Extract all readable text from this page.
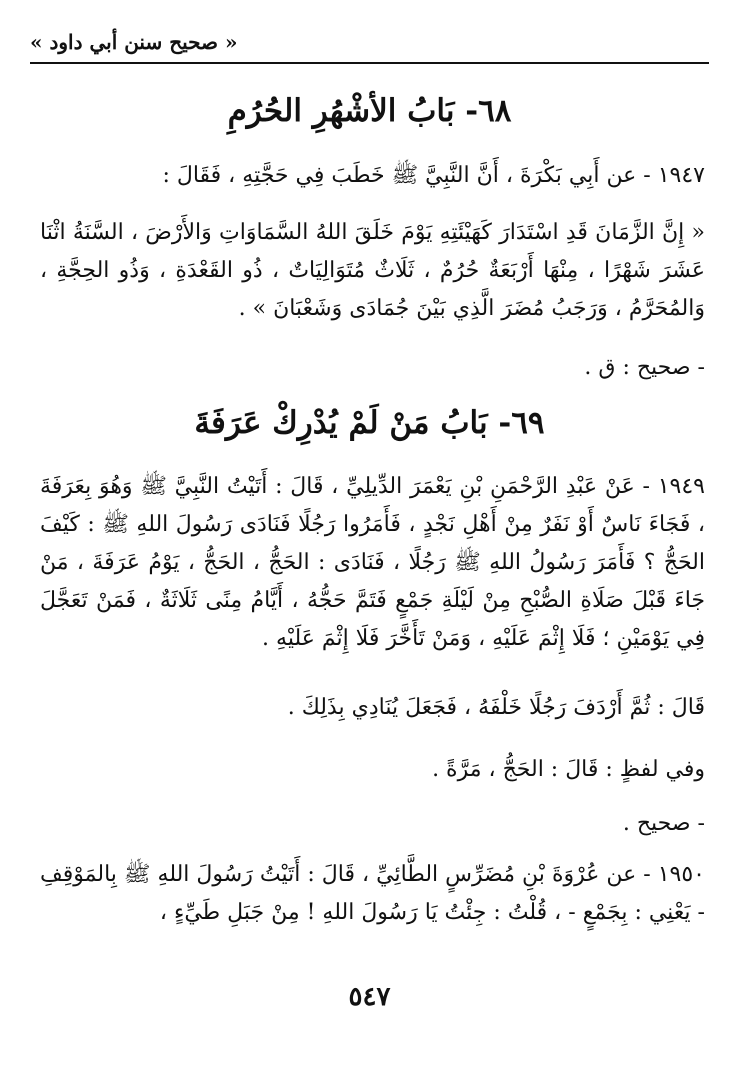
« صحيح سنن أبي داود »
٦٨- بَابُ الأشْهُرِ الحُرُمِ
١٩٤٧ - عن أَبِي بَكْرَةَ ، أَنَّ النَّبِيَّ ﷺ خَطَبَ فِي حَجَّتِهِ ، فَقَالَ :
« إِنَّ الزَّمَانَ قَدِ اسْتَدَارَ كَهَيْئَتِهِ يَوْمَ خَلَقَ اللهُ السَّمَاوَاتِ وَالأَرْضَ ، السَّنَةُ اثْنَا عَشَرَ شَهْرًا ، مِنْهَا أَرْبَعَةٌ حُرُمٌ ، ثَلَاثٌ مُتَوَالِيَاتٌ ، ذُو القَعْدَةِ ، وَذُو الحِجَّةِ ، وَالمُحَرَّمُ ، وَرَجَبُ مُضَرَ الَّذِي بَيْنَ جُمَادَى وَشَعْبَانَ » .
- صحيح : ق .
٦٩- بَابُ مَنْ لَمْ يُدْرِكْ عَرَفَةَ
١٩٤٩ - عَنْ عَبْدِ الرَّحْمَنِ بْنِ يَعْمَرَ الدِّيلِيِّ ، قَالَ : أَتَيْتُ النَّبِيَّ ﷺ وَهُوَ بِعَرَفَةَ ، فَجَاءَ نَاسٌ أَوْ نَفَرٌ مِنْ أَهْلِ نَجْدٍ ، فَأَمَرُوا رَجُلًا فَنَادَى رَسُولَ اللهِ ﷺ : كَيْفَ الحَجُّ ؟ فَأَمَرَ رَسُولُ اللهِ ﷺ رَجُلًا ، فَنَادَى : الحَجُّ ، الحَجُّ ، يَوْمُ عَرَفَةَ ، مَنْ جَاءَ قَبْلَ صَلَاةِ الصُّبْحِ مِنْ لَيْلَةِ جَمْعٍ فَتَمَّ حَجُّهُ ، أَيَّامُ مِنًى ثَلَاثَةٌ ، فَمَنْ تَعَجَّلَ فِي يَوْمَيْنِ ؛ فَلَا إِثْمَ عَلَيْهِ ، وَمَنْ تَأَخَّرَ فَلَا إِثْمَ عَلَيْهِ .
قَالَ : ثُمَّ أَرْدَفَ رَجُلًا خَلْفَهُ ، فَجَعَلَ يُنَادِي بِذَلِكَ .
وفي لفظٍ : قَالَ : الحَجُّ ، مَرَّةً .
- صحيح .
١٩٥٠ - عن عُرْوَةَ بْنِ مُضَرِّسٍ الطَّائِيِّ ، قَالَ : أَتَيْتُ رَسُولَ اللهِ ﷺ بِالمَوْقِفِ - يَعْنِي : بِجَمْعٍ - ، قُلْتُ : جِئْتُ يَا رَسُولَ اللهِ ! مِنْ جَبَلِ طَيِّءٍ ،
٥٤٧
